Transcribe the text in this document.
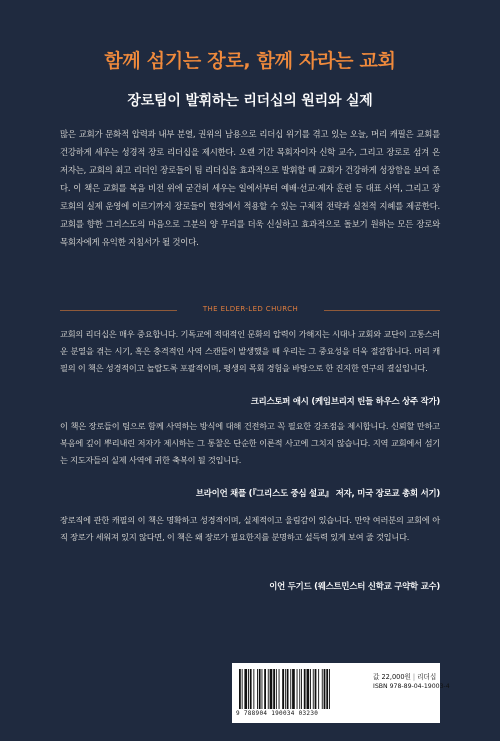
함께 섬기는 장로, 함께 자라는 교회
장로팀이 발휘하는 리더십의 원리와 실제
많은 교회가 문화적 압력과 내부 분열, 권위의 남용으로 리더십 위기를 겪고 있는 오늘, 머리 캐필은 교회를 건강하게 세우는 성경적 장로 리더십을 제시한다. 오랜 기간 목회자이자 신학 교수, 그리고 장로로 섬겨 온 저자는, 교회의 최고 리더인 장로들이 팀 리더십을 효과적으로 발휘할 때 교회가 건강하게 성장함을 보여 준다. 이 책은 교회를 복음 비전 위에 굳건히 세우는 일에서부터 예배·선교·제자 훈련 등 대표 사역, 그리고 장로회의 실제 운영에 이르기까지 장로들이 현장에서 적용할 수 있는 구체적 전략과 실천적 지혜를 제공한다. 교회를 향한 그리스도의 마음으로 그분의 양 무리를 더욱 신실하고 효과적으로 돌보기 원하는 모든 장로와 목회자에게 유익한 지침서가 될 것이다.
THE ELDER-LED CHURCH
교회의 리더십은 매우 중요합니다. 기독교에 적대적인 문화의 압력이 가해지는 시대나 교회와 교단이 고통스러운 분열을 겪는 시기, 혹은 충격적인 사역 스캔들이 발생했을 때 우리는 그 중요성을 더욱 절감합니다. 머리 캐필의 이 책은 성경적이고 놀랍도록 포괄적이며, 평생의 목회 경험을 바탕으로 한 진지한 연구의 결실입니다.
크리스토퍼 애시 (케임브리지 틴들 하우스 상주 작가)
이 책은 장로들이 팀으로 함께 사역하는 방식에 대해 건전하고 꼭 필요한 강조점을 제시합니다. 신뢰할 만하고 복음에 깊이 뿌리내린 저자가 제시하는 그 통찰은 단순한 이론적 사고에 그치지 않습니다. 지역 교회에서 섬기는 지도자들의 실제 사역에 귀한 축복이 될 것입니다.
브라이언 채플 (『그리스도 중심 설교』 저자, 미국 장로교 총회 서기)
장로직에 관한 캐필의 이 책은 명확하고 성경적이며, 실제적이고 울림감이 있습니다. 만약 여러분의 교회에 아직 장로가 세워져 있지 않다면, 이 책은 왜 장로가 필요한지를 분명하고 설득력 있게 보여 줄 것입니다.
이언 두기드 (웨스트민스터 신학교 구약학 교수)
9 788904 190034 03230
값 22,000원 | 리더십
ISBN 978-89-04-19003-4
